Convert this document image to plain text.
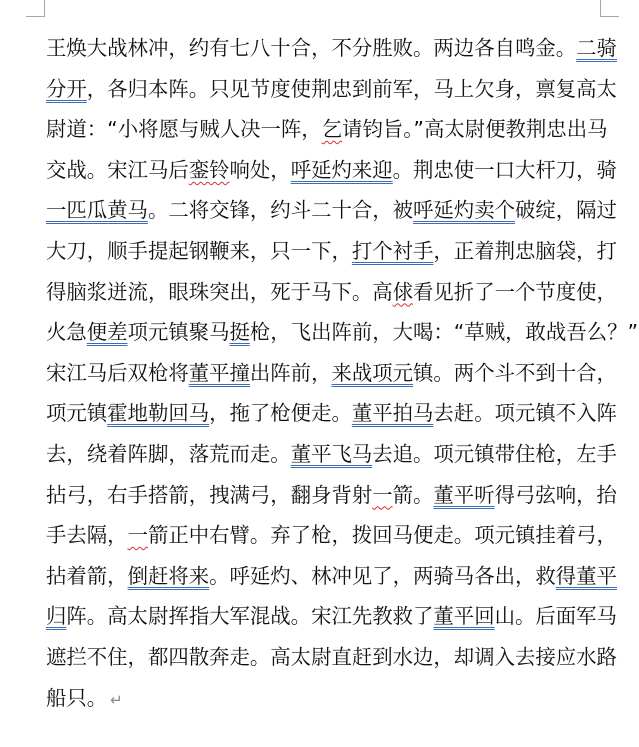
王焕大战林冲，约有七八十合，不分胜败。两边各自鸣金。二骑
分开，各归本阵。只见节度使荆忠到前军，马上欠身，禀复高太
尉道：“小将愿与贼人决一阵，乞请钧旨。”高太尉便教荆忠出马
交战。宋江马后銮铃响处，呼延灼来迎。荆忠使一口大杆刀，骑
一匹瓜黄马。二将交锋，约斗二十合，被呼延灼卖个破绽，隔过
大刀，顺手提起钢鞭来，只一下，打个衬手，正着荆忠脑袋，打
得脑浆迸流，眼珠突出，死于马下。高俅看见折了一个节度使，
火急便差项元镇聚马挺枪，飞出阵前，大喝：“草贼，敢战吾么？”
宋江马后双枪将董平撞出阵前，来战项元镇。两个斗不到十合，
项元镇霍地勒回马，拖了枪便走。董平拍马去赶。项元镇不入阵
去，绕着阵脚，落荒而走。董平飞马去追。项元镇带住枪，左手
拈弓，右手搭箭，拽满弓，翻身背射一箭。董平听得弓弦响，抬
手去隔，一箭正中右臂。弃了枪，拨回马便走。项元镇挂着弓，
拈着箭，倒赶将来。呼延灼、林冲见了，两骑马各出，救得董平
归阵。高太尉挥指大军混战。宋江先教救了董平回山。后面军马
遮拦不住，都四散奔走。高太尉直赶到水边，却调入去接应水路
船只。 ↵
